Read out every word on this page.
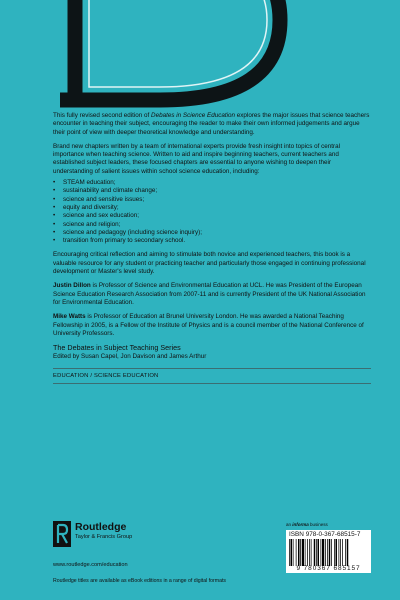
This fully revised second edition of Debates in Science Education explores the major issues that science teachers encounter in teaching their subject, encouraging the reader to make their own informed judgements and argue their point of view with deeper theoretical knowledge and understanding.

Brand new chapters written by a team of international experts provide fresh insight into topics of central importance when teaching science. Written to aid and inspire beginning teachers, current teachers and established subject leaders, these focused chapters are essential to anyone wishing to deepen their understanding of salient issues within school science education, including:

• STEAM education;
• sustainability and climate change;
• science and sensitive issues;
• equity and diversity;
• science and sex education;
• science and religion;
• science and pedagogy (including science inquiry);
• transition from primary to secondary school.

Encouraging critical reflection and aiming to stimulate both novice and experienced teachers, this book is a valuable resource for any student or practicing teacher and particularly those engaged in continuing professional development or Master's level study.

Justin Dillon is Professor of Science and Environmental Education at UCL. He was President of the European Science Education Research Association from 2007-11 and is currently President of the UK National Association for Environmental Education.

Mike Watts is Professor of Education at Brunel University London. He was awarded a National Teaching Fellowship in 2005, is a Fellow of the Institute of Physics and is a council member of the National Conference of University Professors.

The Debates in Subject Teaching Series
Edited by Susan Capel, Jon Davison and James Arthur
EDUCATION / SCIENCE EDUCATION
Routledge
Taylor & Francis Group
www.routledge.com/education
Routledge titles are available as eBook editions in a range of digital formats
an informa business
ISBN 978-0-367-68515-7
9 780367 685157
